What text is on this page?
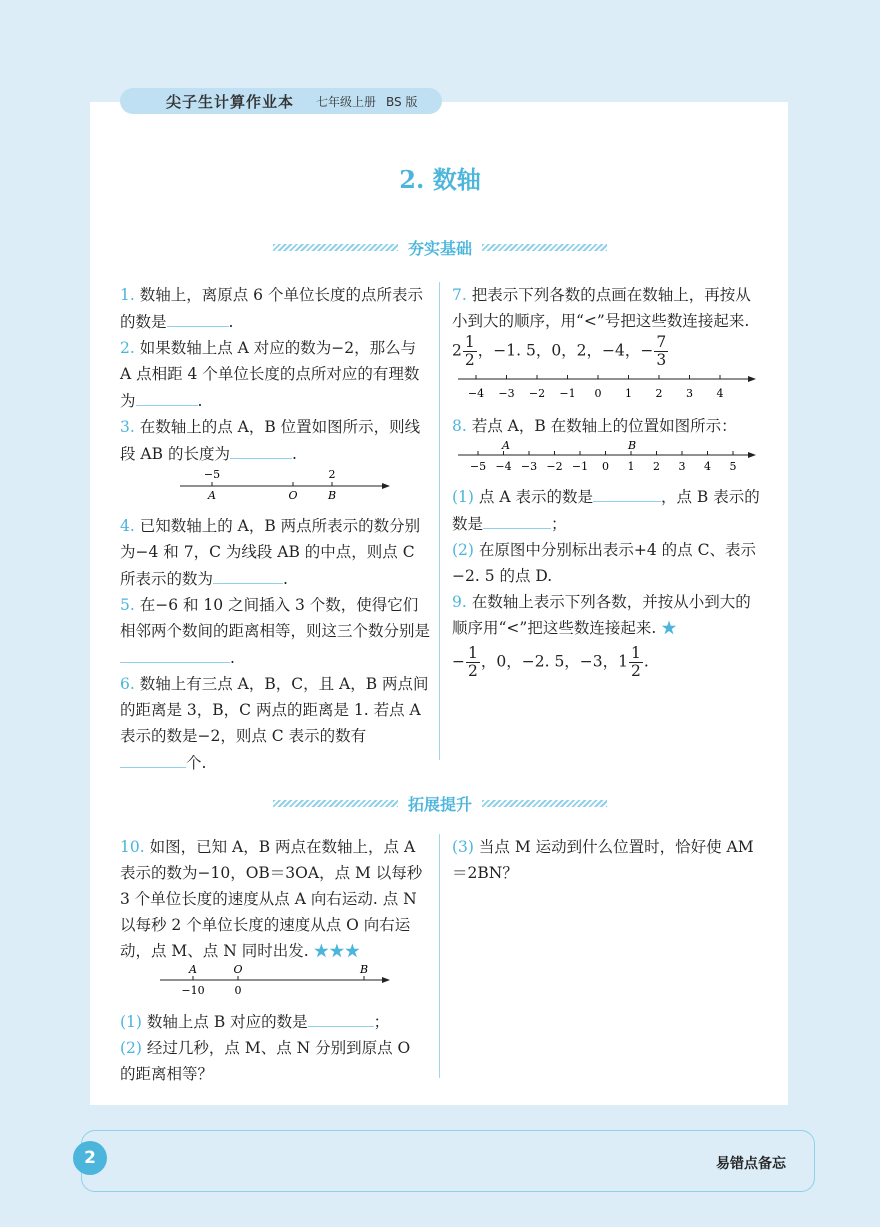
尖子生计算作业本 七年级上册 BS 版
2. 数轴
夯实基础

1. 数轴上，离原点 6 个单位长度的点所表示的数是	.

2. 如果数轴上点 A 对应的数为−2，那么与 A 点相距 4 个单位长度的点所对应的有理数为	.

3. 在数轴上的点 A，B 位置如图所示，则线段 AB 的长度为	.

−5	2
A	O	B

4. 已知数轴上的 A，B 两点所表示的数分别为−4 和 7，C 为线段 AB 的中点，则点 C 所表示的数为	.

5. 在−6 和 10 之间插入 3 个数，使得它们相邻两个数间的距离相等，则这三个数分别是.

6. 数轴上有三点 A，B，C，且 A，B 两点间的距离是 3，B，C 两点的距离是 1. 若点 A 表示的数是−2，则点 C 表示的数有
个.

7. 把表示下列各数的点画在数轴上，再按从小到大的顺序，用“<”号把这些数连接起来. $2 \frac{1}{2}$ ，−1. 5，0，2，−4，− $\frac{7}{3}$

−4 −3 −2 −1 0 1 2 3 4

8. 若点 A，B 在数轴上的位置如图所示：

A	B
−5 −4 −3 −2 −1 0 1 2 3 4 5

(1) 点 A 表示的数是	，点 B 表示的数是	；

(2) 在原图中分别标出表示+4 的点 C、表示−2. 5 的点 D.

9. 在数轴上表示下列各数，并按从小到大的顺序用“<”把这些数连接起来. ★

− $\frac{1}{2}$ ，0，−2. 5，−3，$1 \frac{1}{2}$ .

拓展提升

10. 如图，已知 A，B 两点在数轴上，点 A 表示的数为−10，OB＝3OA，点 M 以每秒 3 个单位长度的速度从点 A 向右运动. 点 N 以每秒 2 个单位长度的速度从点 O 向右运动，点 M、点 N 同时出发. ★★★

A	O	B
−10	0

(1) 数轴上点 B 对应的数是	；

(2) 经过几秒，点 M、点 N 分别到原点 O 的距离相等？

(3) 当点 M 运动到什么位置时，恰好使 AM＝2BN？

2	易错点备忘
